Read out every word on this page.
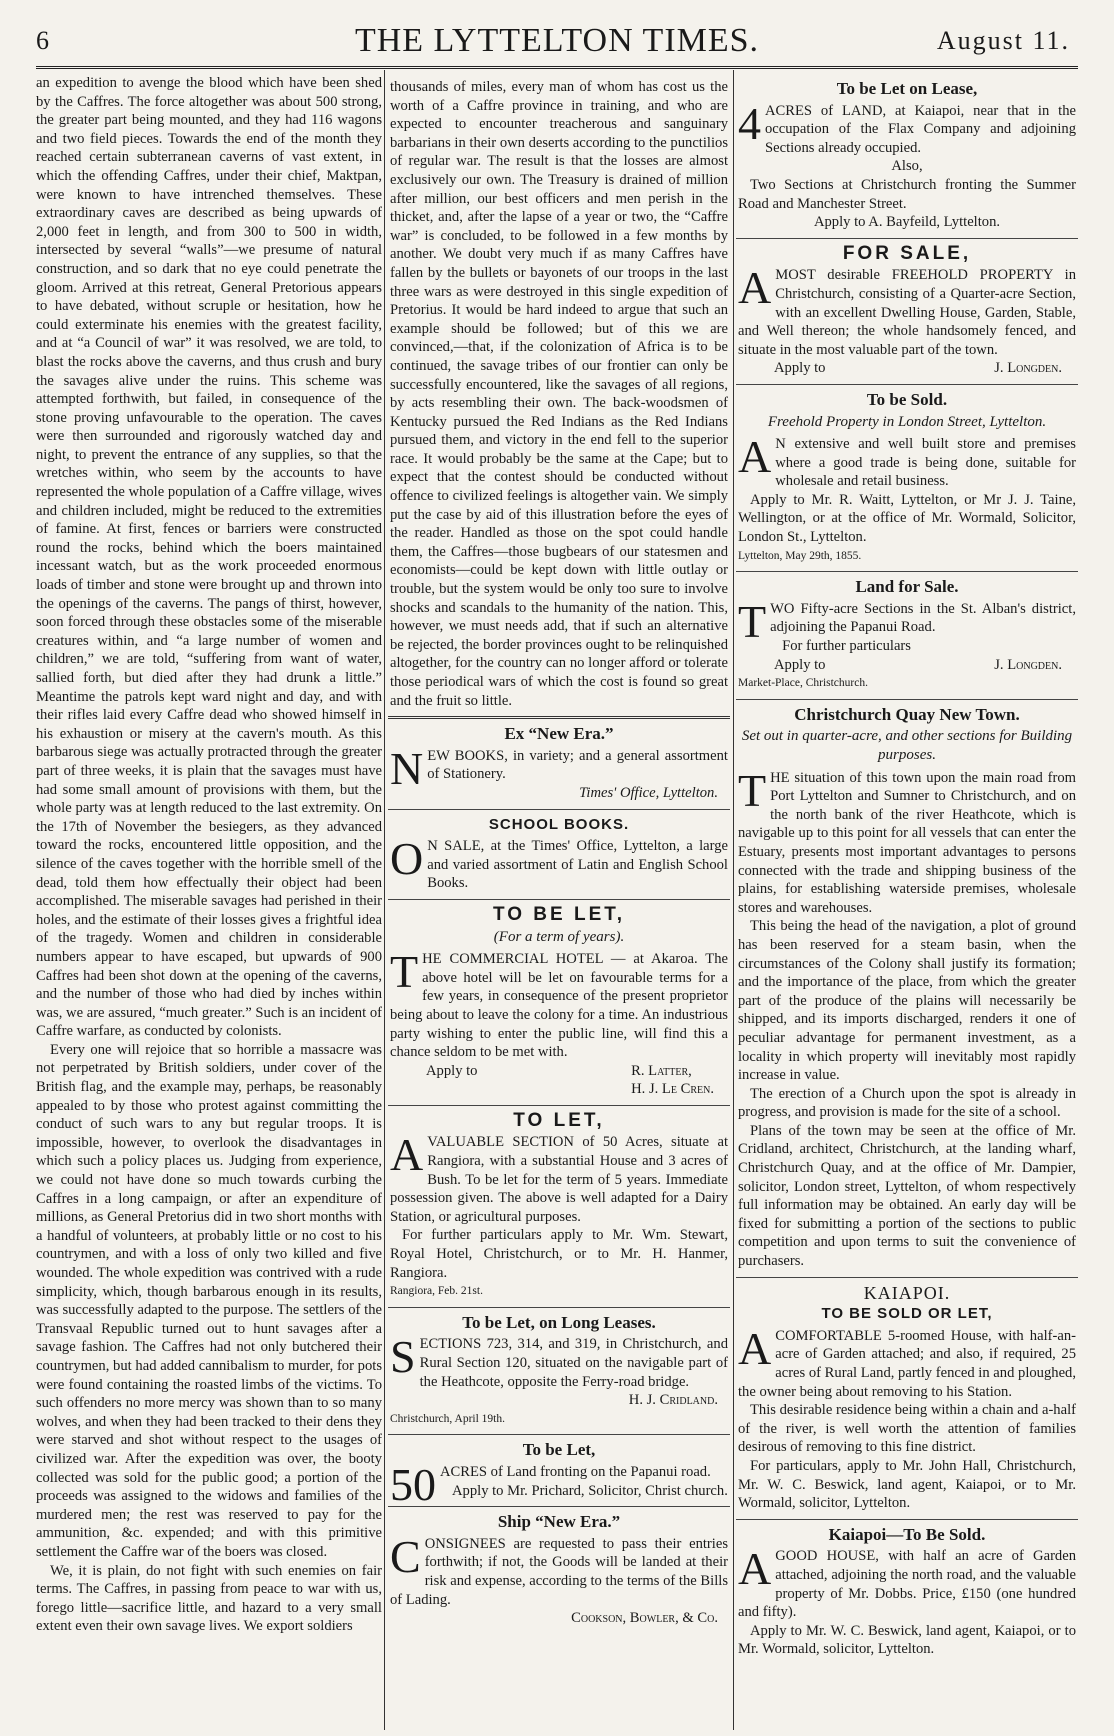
6	THE LYTTELTON TIMES.	August 11.

an expedition to avenge the blood which have been shed by the Caffres. The force altogether was about 500 strong, the greater part being mounted, and they had 116 wagons and two field pieces. Towards the end of the month they reached certain subterranean caverns of vast extent, in which the offending Caffres, under their chief, Maktpan, were known to have intrenched themselves. These extraordinary caves are described as being upwards of 2,000 feet in length, and from 300 to 500 in width, intersected by several “walls”—we presume of natural construction, and so dark that no eye could penetrate the gloom. Arrived at this retreat, General Pretorious appears to have debated, without scruple or hesitation, how he could exterminate his enemies with the greatest facility, and at “a Council of war” it was resolved, we are told, to blast the rocks above the caverns, and thus crush and bury the savages alive under the ruins. This scheme was attempted forthwith, but failed, in consequence of the stone proving unfavourable to the operation. The caves were then surrounded and rigorously watched day and night, to prevent the entrance of any supplies, so that the wretches within, who seem by the accounts to have represented the whole population of a Caffre village, wives and children included, might be reduced to the extremities of famine. At first, fences or barriers were constructed round the rocks, behind which the boers maintained incessant watch, but as the work proceeded enormous loads of timber and stone were brought up and thrown into the openings of the caverns. The pangs of thirst, however, soon forced through these obstacles some of the miserable creatures within, and “a large number of women and children,” we are told, “suffering from want of water, sallied forth, but died after they had drunk a little.” Meantime the patrols kept ward night and day, and with their rifles laid every Caffre dead who showed himself in his exhaustion or misery at the cavern's mouth. As this barbarous siege was actually protracted through the greater part of three weeks, it is plain that the savages must have had some small amount of provisions with them, but the whole party was at length reduced to the last extremity. On the 17th of November the besiegers, as they advanced toward the rocks, encountered little opposition, and the silence of the caves together with the horrible smell of the dead, told them how effectually their object had been accomplished. The miserable savages had perished in their holes, and the estimate of their losses gives a frightful idea of the tragedy. Women and children in considerable numbers appear to have escaped, but upwards of 900 Caffres had been shot down at the opening of the caverns, and the number of those who had died by inches within was, we are assured, “much greater.” Such is an incident of Caffre warfare, as conducted by colonists.

Every one will rejoice that so horrible a massacre was not perpetrated by British soldiers, under cover of the British flag, and the example may, perhaps, be reasonably appealed to by those who protest against committing the conduct of such wars to any but regular troops. It is impossible, however, to overlook the disadvantages in which such a policy places us. Judging from experience, we could not have done so much towards curbing the Caffres in a long campaign, or after an expenditure of millions, as General Pretorius did in two short months with a handful of volunteers, at probably little or no cost to his countrymen, and with a loss of only two killed and five wounded. The whole expedition was contrived with a rude simplicity, which, though barbarous enough in its results, was successfully adapted to the purpose. The settlers of the Transvaal Republic turned out to hunt savages after a savage fashion. The Caffres had not only butchered their countrymen, but had added cannibalism to murder, for pots were found containing the roasted limbs of the victims. To such offenders no more mercy was shown than to so many wolves, and when they had been tracked to their dens they were starved and shot without respect to the usages of civilized war. After the expedition was over, the booty collected was sold for the public good; a portion of the proceeds was assigned to the widows and families of the murdered men; the rest was reserved to pay for the ammunition, &c. expended; and with this primitive settlement the Caffre war of the boers was closed.

We, it is plain, do not fight with such enemies on fair terms. The Caffres, in passing from peace to war with us, forego little—sacrifice little, and hazard to a very small extent even their own savage lives. We export soldiers

thousands of miles, every man of whom has cost us the worth of a Caffre province in training, and who are expected to encounter treacherous and sanguinary barbarians in their own deserts according to the punctilios of regular war. The result is that the losses are almost exclusively our own. The Treasury is drained of million after million, our best officers and men perish in the thicket, and, after the lapse of a year or two, the “Caffre war” is concluded, to be followed in a few months by another. We doubt very much if as many Caffres have fallen by the bullets or bayonets of our troops in the last three wars as were destroyed in this single expedition of Pretorius. It would be hard indeed to argue that such an example should be followed; but of this we are convinced,—that, if the colonization of Africa is to be continued, the savage tribes of our frontier can only be successfully encountered, like the savages of all regions, by acts resembling their own. The back-woodsmen of Kentucky pursued the Red Indians as the Red Indians pursued them, and victory in the end fell to the superior race. It would probably be the same at the Cape; but to expect that the contest should be conducted without offence to civilized feelings is altogether vain. We simply put the case by aid of this illustration before the eyes of the reader. Handled as those on the spot could handle them, the Caffres—those bugbears of our statesmen and economists—could be kept down with little outlay or trouble, but the system would be only too sure to involve shocks and scandals to the humanity of the nation. This, however, we must needs add, that if such an alternative be rejected, the border provinces ought to be relinquished altogether, for the country can no longer afford or tolerate those periodical wars of which the cost is found so great and the fruit so little.

Ex “New Era.”

NEW BOOKS, in variety; and a general assortment of Stationery.

Times' Office, Lyttelton.
SCHOOL BOOKS.

O N SALE, at the Times' Office, Lyttelton, a large and varied assortment of Latin and English School Books.

TO BE LET,
(For a term of years).

THE COMMERCIAL HOTEL — at Akaroa. The above hotel will be let on favourable terms for a few years, in consequence of the present proprietor being about to leave the colony for a time. An industrious party wishing to enter the public line, will find this a chance seldom to be met with.

Apply to	R. Latter,
H. J. Le Cren.
TO LET,

AVALUABLE SECTION of 50 Acres, situate at Rangiora, with a substantial House and 3 acres of Bush. To be let for the term of 5 years. Immediate possession given. The above is well adapted for a Dairy Station, or agricultural purposes.

For further particulars apply to Mr. Wm. Stewart, Royal Hotel, Christchurch, or to Mr. H. Hanmer, Rangiora.

Rangiora, Feb. 21st.
To be Let, on Long Leases.

SECTIONS 723, 314, and 319, in Christchurch, and Rural Section 120, situated on the navigable part of the Heathcote, opposite the Ferry-road bridge.

H. J. Cridland.
Christchurch, April 19th.
To be Let,

50 ACRES of Land fronting on the Papanui road.

Apply to Mr. Prichard, Solicitor, Christ church.

Ship “New Era.”

CONSIGNEES are requested to pass their entries forthwith; if not, the Goods will be landed at their risk and expense, according to the terms of the Bills of Lading.

Cookson, Bowler, & Co.
To be Let on Lease,

4 ACRES of LAND, at Kaiapoi, near that in the occupation of the Flax Company and adjoining Sections already occupied.

Also,

Two Sections at Christchurch fronting the Summer Road and Manchester Street.

Apply to A. Bayfeild, Lyttelton.
FOR SALE,

AMOST desirable FREEHOLD PROPERTY in Christchurch, consisting of a Quarter-acre Section, with an excellent Dwelling House, Garden, Stable, and Well thereon; the whole handsomely fenced, and situate in the most valuable part of the town.

Apply to	J. Longden.
To be Sold.
Freehold Property in London Street, Lyttelton.

A N extensive and well built store and premises where a good trade is being done, suitable for wholesale and retail business.

Apply to Mr. R. Waitt, Lyttelton, or Mr J. J. Taine, Wellington, or at the office of Mr. Wormald, Solicitor, London St., Lyttelton.

Lyttelton, May 29th, 1855.
Land for Sale.

TWO Fifty-acre Sections in the St. Alban's district, adjoining the Papanui Road.

For further particulars

Apply to	J. Longden.
Market-Place, Christchurch.
Christchurch Quay New Town.
Set out in quarter-acre, and other sections for Building purposes.

THE situation of this town upon the main road from Port Lyttelton and Sumner to Christchurch, and on the north bank of the river Heathcote, which is navigable up to this point for all vessels that can enter the Estuary, presents most important advantages to persons connected with the trade and shipping business of the plains, for establishing waterside premises, wholesale stores and warehouses.

This being the head of the navigation, a plot of ground has been reserved for a steam basin, when the circumstances of the Colony shall justify its formation; and the importance of the place, from which the greater part of the produce of the plains will necessarily be shipped, and its imports discharged, renders it one of peculiar advantage for permanent investment, as a locality in which property will inevitably most rapidly increase in value.

The erection of a Church upon the spot is already in progress, and provision is made for the site of a school.

Plans of the town may be seen at the office of Mr. Cridland, architect, Christchurch, at the landing wharf, Christchurch Quay, and at the office of Mr. Dampier, solicitor, London street, Lyttelton, of whom respectively full information may be obtained. An early day will be fixed for submitting a portion of the sections to public competition and upon terms to suit the convenience of purchasers.

KAIAPOI.
TO BE SOLD OR LET,

ACOMFORTABLE 5-roomed House, with half-an-acre of Garden attached; and also, if required, 25 acres of Rural Land, partly fenced in and ploughed, the owner being about removing to his Station.

This desirable residence being within a chain and a-half of the river, is well worth the attention of families desirous of removing to this fine district.

For particulars, apply to Mr. John Hall, Christchurch, Mr. W. C. Beswick, land agent, Kaiapoi, or to Mr. Wormald, solicitor, Lyttelton.

Kaiapoi—To Be Sold.

AGOOD HOUSE, with half an acre of Garden attached, adjoining the north road, and the valuable property of Mr. Dobbs. Price, £150 (one hundred and fifty).

Apply to Mr. W. C. Beswick, land agent, Kaiapoi, or to Mr. Wormald, solicitor, Lyttelton.
